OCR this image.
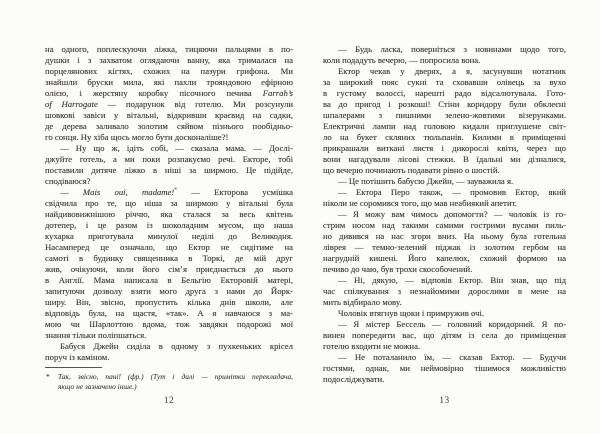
на одного, поплескуючи ліжка, тицяючи пальцями в по-
душки і з захватом оглядаючи ванну, яка трималася на
порцелянових кігтях, схожих на пазури грифона. Ми
знайшли бруски мила, які пахли трояндовою ефірною
олією, і жерстяну коробку пісочного печива Farrah’s
of Harrogate — подарунок від готелю. Ми розсунули
шовкові завіси у вітальні, відкривши краєвид на садки,
де дерева заливало золотим сяйвом пізнього пообідньо-
го сонця. Ну хіба щось могло бути досконаліше?!
— Ну що ж, ідіть собі, — сказала мама. — Дослі-
джуйте готель, а ми поки розпакуємо речі. Екторе, тобі
поставили дитяче ліжко в ніші за ширмою. Це підійде,
сподіваюся?
— Mais oui, madame!* — Екторова усмішка
свідчила про те, що ніша за ширмою у вітальні була
найдивовижнішою річчю, яка сталася за весь квітень
дотепер, і це разом із шоколадним мусом, що наша
кухарка приготувала минулої неділі до Великодня.
Насамперед це означало, що Ектор не сидітиме на
самоті в будинку священника в Торкі, де мій друг
жив, очікуючи, коли його сім’я приєднається до нього
в Англії. Мама написала в Бельгію Екторовій матері,
запитуючи дозволу взяти мого друга з нами до Йорк-
ширу. Він, звісно, пропустить кілька днів школи, але
відповідь була, на щастя, «так». А я навчаюся з ма-
мою чи Шарлоттою вдома, тож завдяки подорожі мої
знання тільки поліпшаться.
Бабуся Джейн сиділа в одному з пухкеньких крісел
поруч із каміном.
* Так, звісно, пані! (фр.) (Тут і далі — примітки перекладача,
якщо не зазначено інше.)
12
— Будь ласка, поверніться з новинами щодо того,
коли подадуть вечерю, — попросила вона.
Ектор чекав у дверях, а я, засунувши нотатник
за широкий пояс сукні та сховавши олівець за вухо
в густому волоссі, нарешті радо відсалютувала. Гото-
ва до пригод і розкоші! Стіни коридору були обклеєні
шпалерами з пишними зелено-жовтими візерунками.
Електричні лампи над головою кидали приглушене світ-
ло на букет скляних тюльпанів. Килими в приміщенні
прикрашали виткані листя і дикорослі квіти, через що
вони нагадували лісові стежки. В їдальні ми дізналися,
що вечерю починають подавати рівно о шостій.
— Це потішить бабусю Джейн, — зауважила я.
— Ектора Перо також, — промовив Ектор, який
ніколи не соромився того, що мав неабиякий апетит.
— Я можу вам чимось допомогти? — чоловік із го-
стрим носом над такими самими гострими вусами пиль-
но дивився на нас згори вниз. На ньому була готельна
ліврея — темно-зелений піджак із золотим гербом на
нагрудній кишені. Його капелюх, схожий формою на
печиво до чаю, був трохи скособочений.
— Ні, дякую, — відповів Ектор. Він знав, що під
час спілкування з незнайомими дорослими в мене на
мить відбирало мову.
Чоловік втягнув щоки і примружив очі.
— Я містер Бессель — головний коридорний. Я по-
винен попередити вас, що дітям із села до приміщення
готелю входити не можна.
— Не поталанило їм, — сказав Ектор. — Будучи
гостями, однак, ми неймовірно тішимося можливістю
подосліджувати.
13
